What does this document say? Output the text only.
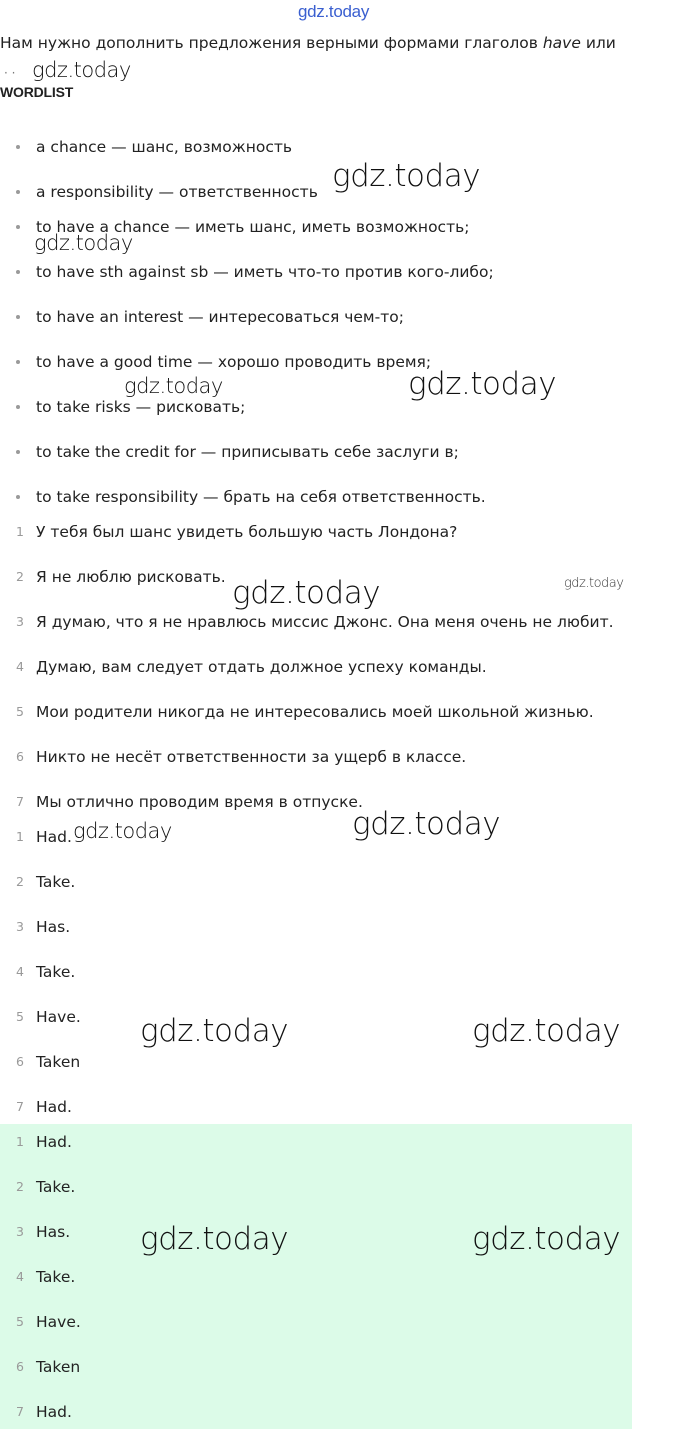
gdz.today
Нам нужно дополнить предложения верными формами глаголов have или
· ·
WORDLIST
a chance — шанс, возможность
a responsibility — ответственность
to have a chance — иметь шанс, иметь возможность;
to have sth against sb — иметь что-то против кого-либо;
to have an interest — интересоваться чем-то;
to have a good time — хорошо проводить время;
to take risks — рисковать;
to take the credit for — приписывать себе заслуги в;
to take responsibility — брать на себя ответственность.
1 У тебя был шанс увидеть большую часть Лондона?
2 Я не люблю рисковать.
3 Я думаю, что я не нравлюсь миссис Джонс. Она меня очень не любит.
4 Думаю, вам следует отдать должное успеху команды.
5 Мои родители никогда не интересовались моей школьной жизнью.
6 Никто не несёт ответственности за ущерб в классе.
7 Мы отлично проводим время в отпуске.
1 Had.
2 Take.
3 Has.
4 Take.
5 Have.
6 Taken
7 Had.
1 Had.
2 Take.
3 Has.
4 Take.
5 Have.
6 Taken
7 Had.
gdz.today
gdz.today
gdz.today
gdz.today	gdz.today
gdz.today
gdz.today
gdz.today
gdz.today
gdz.today	gdz.today
gdz.today	gdz.today
